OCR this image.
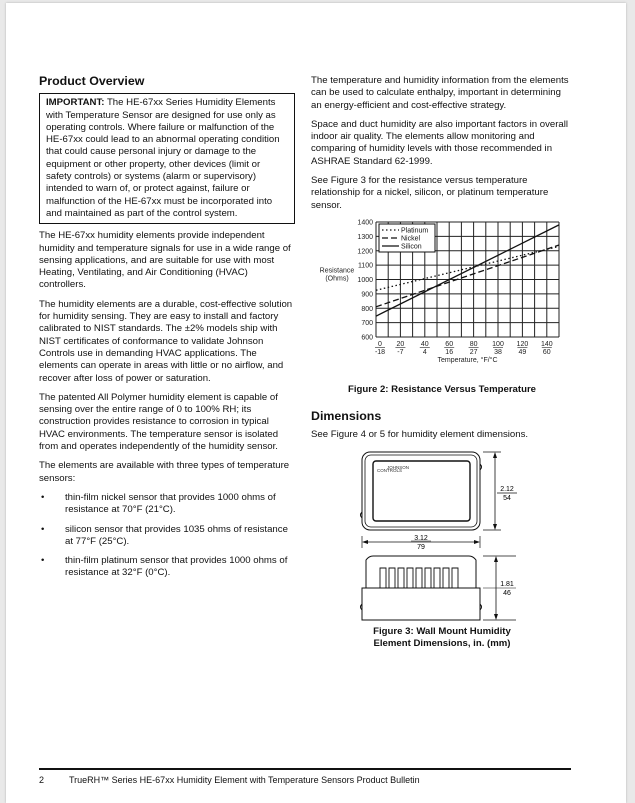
Product Overview
IMPORTANT: The HE-67xx Series Humidity Elements with Temperature Sensor are designed for use only as operating controls. Where failure or malfunction of the HE-67xx could lead to an abnormal operating condition that could cause personal injury or damage to the equipment or other property, other devices (limit or safety controls) or systems (alarm or supervisory) intended to warn of, or protect against, failure or malfunction of the HE-67xx must be incorporated into and maintained as part of the control system.

The HE-67xx humidity elements provide independent humidity and temperature signals for use in a wide range of sensing applications, and are suitable for use with most Heating, Ventilating, and Air Conditioning (HVAC) controllers.

The humidity elements are a durable, cost-effective solution for humidity sensing. They are easy to install and factory calibrated to NIST standards. The ±2% models ship with NIST certificates of conformance to validate Johnson Controls use in demanding HVAC applications. The elements can operate in areas with little or no airflow, and recover after loss of power or saturation.

The patented All Polymer humidity element is capable of sensing over the entire range of 0 to 100% RH; its construction provides resistance to corrosion in typical HVAC environments. The temperature sensor is isolated from and operates independently of the humidity sensor.

The elements are available with three types of temperature sensors:

• thin-film nickel sensor that provides 1000 ohms of resistance at 70°F (21°C).
• silicon sensor that provides 1035 ohms of resistance at 77°F (25°C).
• thin-film platinum sensor that provides 1000 ohms of resistance at 32°F (0°C).

The temperature and humidity information from the elements can be used to calculate enthalpy, important in determining an energy-efficient and cost-effective strategy.

Space and duct humidity are also important factors in overall indoor air quality. The elements allow monitoring and comparing of humidity levels with those recommended in ASHRAE Standard 62-1999.

See Figure 3 for the resistance versus temperature relationship for a nickel, silicon, or platinum temperature sensor.

600
700
800
900
1000
1100
1200
1300
1400
Resistance
(Ohms)
0
-18
20
-7
40
4
60
16
80
27
100
38
120
49
140
60
Temperature, °F/°C
Platinum
Nickel
Silicon
Figure 2: Resistance Versus Temperature
Dimensions

See Figure 4 or 5 for humidity element dimensions.

JOHNSON
CONTROLS
2.12
54
3.12
79
1.81
46
Figure 3: Wall Mount Humidity
Element Dimensions, in. (mm)
2	TrueRH™ Series HE-67xx Humidity Element with Temperature Sensors Product Bulletin
